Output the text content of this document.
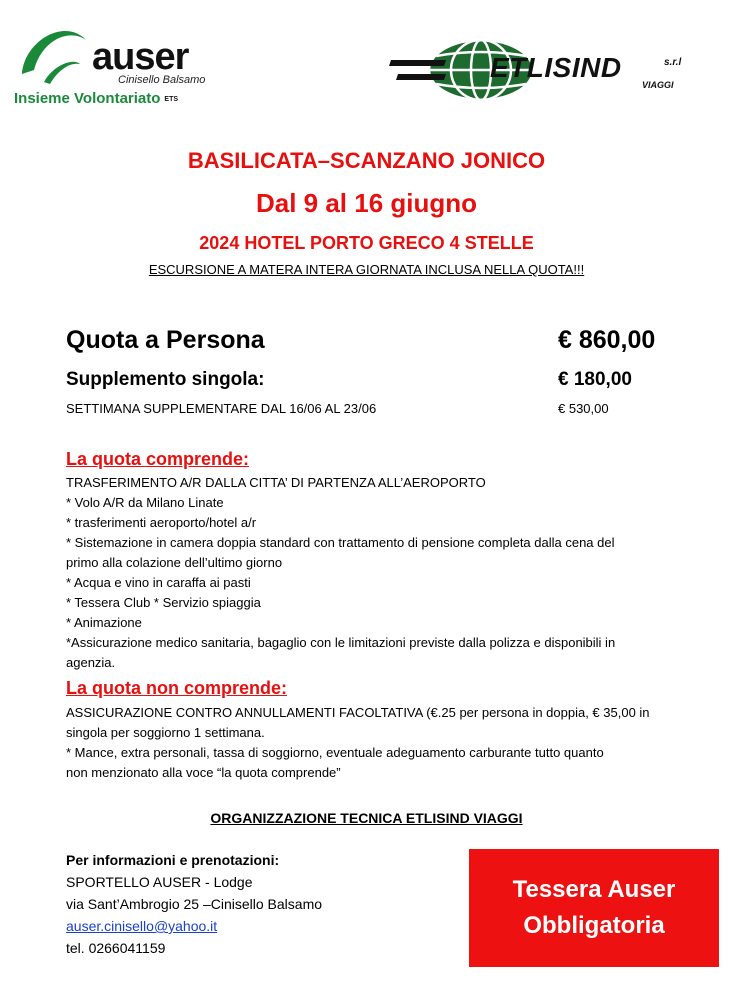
auser
Cinisello Balsamo
Insieme Volontariato ETS
ETLISIND	s.r.l
VIAGGI
BASILICATA–SCANZANO JONICO
Dal 9 al 16 giugno
2024 HOTEL PORTO GRECO 4 STELLE
ESCURSIONE A MATERA INTERA GIORNATA INCLUSA NELLA QUOTA!!!
Quota a Persona	€ 860,00
Supplemento singola:	€ 180,00
SETTIMANA SUPPLEMENTARE DAL 16/06 AL 23/06	€ 530,00
La quota comprende:

TRASFERIMENTO A/R DALLA CITTA’ DI PARTENZA ALL’AEROPORTO

* Volo A/R da Milano Linate

* trasferimenti aeroporto/hotel a/r

* Sistemazione in camera doppia standard con trattamento di pensione completa dalla cena del

primo alla colazione dell’ultimo giorno

* Acqua e vino in caraffa ai pasti

* Tessera Club * Servizio spiaggia

* Animazione

*Assicurazione medico sanitaria, bagaglio con le limitazioni previste dalla polizza e disponibili in

agenzia.

La quota non comprende:

ASSICURAZIONE CONTRO ANNULLAMENTI FACOLTATIVA (€.25 per persona in doppia, € 35,00 in

singola per soggiorno 1 settimana.

* Mance, extra personali, tassa di soggiorno, eventuale adeguamento carburante tutto quanto

non menzionato alla voce “la quota comprende”

ORGANIZZAZIONE TECNICA ETLISIND VIAGGI
Per informazioni e prenotazioni:
SPORTELLO AUSER - Lodge
via Sant’Ambrogio 25 –Cinisello Balsamo
auser.cinisello@yahoo.it
tel. 0266041159
Tessera Auser
Obbligatoria
